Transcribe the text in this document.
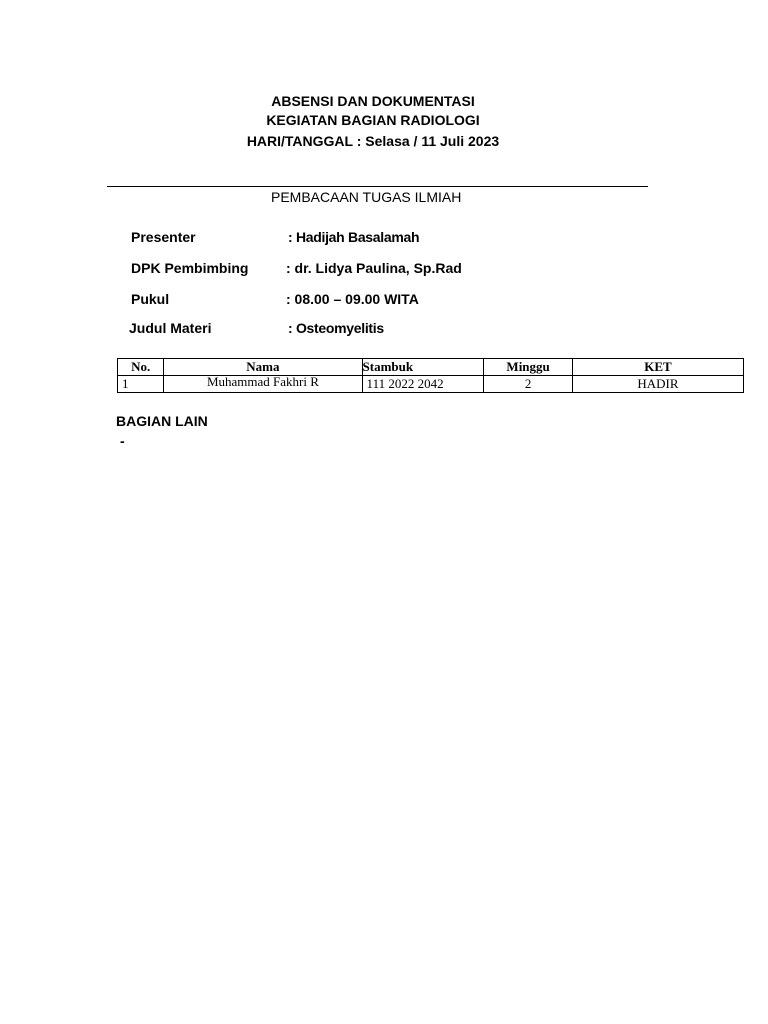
ABSENSI DAN DOKUMENTASI
KEGIATAN BAGIAN RADIOLOGI
HARI/TANGGAL : Selasa / 11 Juli 2023
PEMBACAAN TUGAS ILMIAH
Presenter	: Hadijah Basalamah
DPK Pembimbing	: dr. Lidya Paulina, Sp.Rad
Pukul	: 08.00 – 09.00 WITA
Judul Materi	: Osteomyelitis
No.	Nama	Stambuk	Minggu	KET
1	Muhammad Fakhri R	111 2022 2042	2	HADIR
BAGIAN LAIN
-
